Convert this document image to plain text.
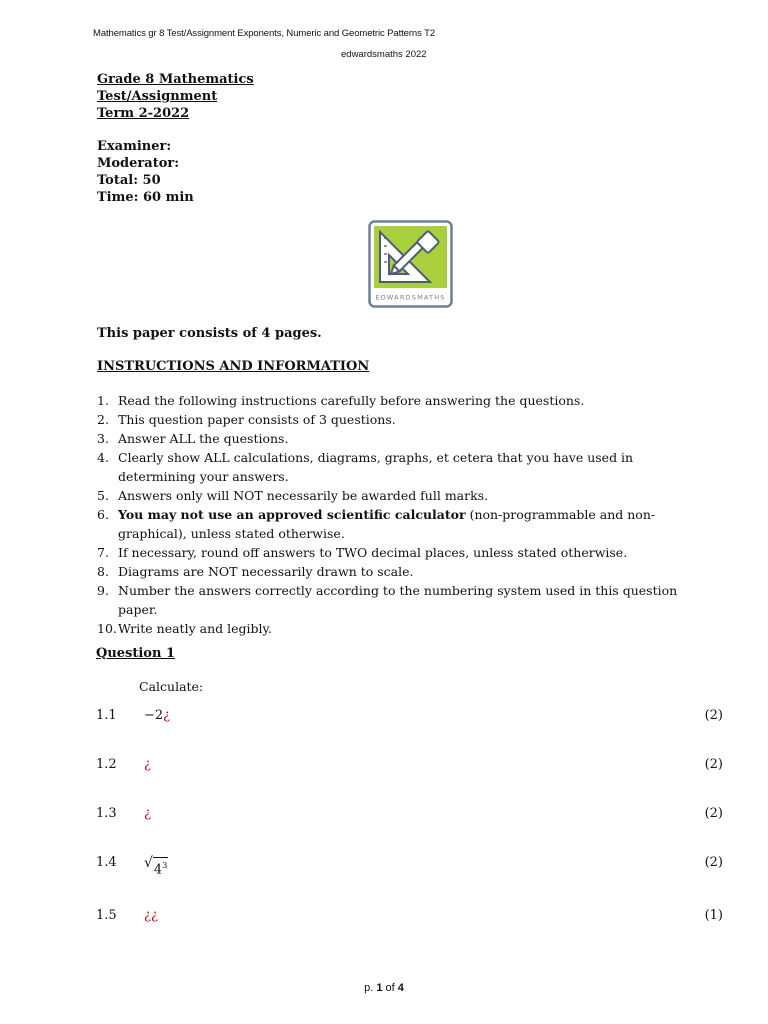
Mathematics gr 8 Test/Assignment Exponents, Numeric and Geometric Patterns T2
edwardsmaths 2022
Grade 8 Mathematics
Test/Assignment
Term 2-2022
Examiner:
Moderator:
Total: 50
Time: 60 min
EDWARDSMATHS
This paper consists of 4 pages.
INSTRUCTIONS AND INFORMATION
1. Read the following instructions carefully before answering the questions.
2. This question paper consists of 3 questions.
3. Answer ALL the questions.
4. Clearly show ALL calculations, diagrams, graphs, et cetera that you have used in determining your answers.
5. Answers only will NOT necessarily be awarded full marks.
6. You may not use an approved scientific calculator (non-programmable and non-graphical), unless stated otherwise.
7. If necessary, round off answers to TWO decimal places, unless stated otherwise.
8. Diagrams are NOT necessarily drawn to scale.
9. Number the answers correctly according to the numbering system used in this question paper.
10. Write neatly and legibly.
Question 1
Calculate:
1.1 −2¿	(2)
1.2 ¿	(2)
1.3 ¿	(2)
1.4 √ $4^3$	(2)
1.5 ¿¿	(1)
p. 1 of 4
